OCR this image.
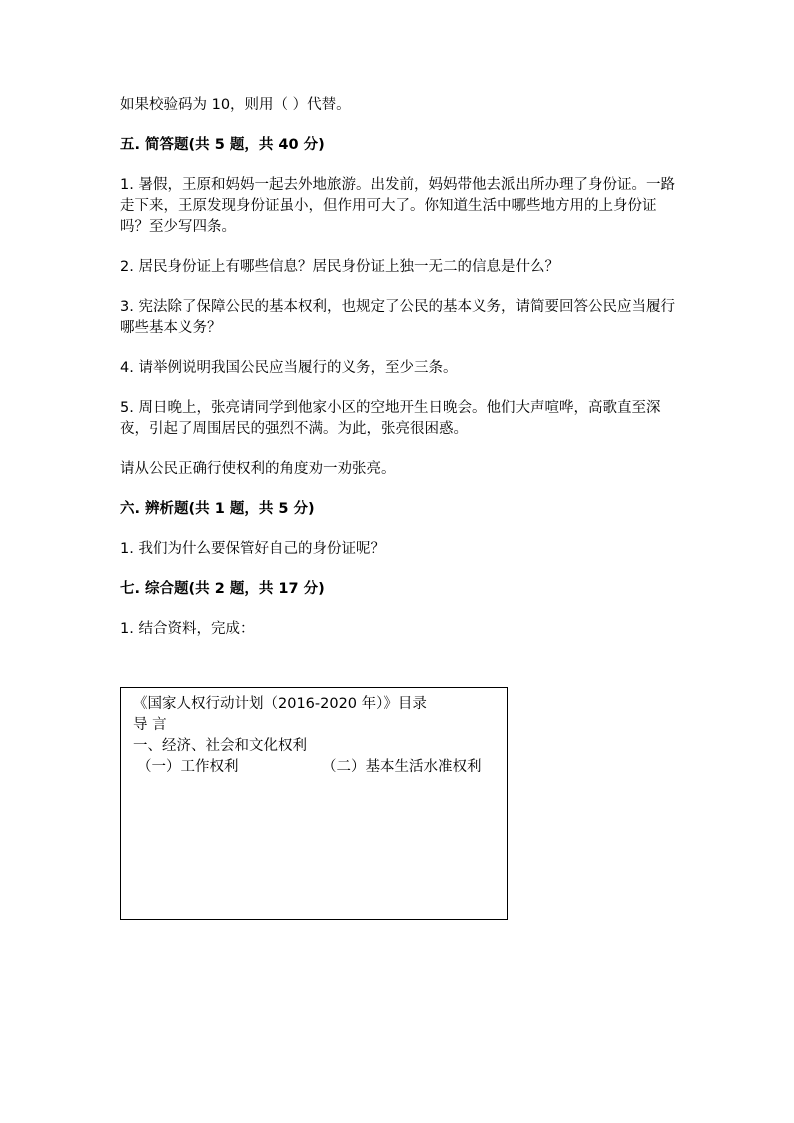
如果校验码为 10，则用（ ）代替。

五. 简答题(共 5 题，共 40 分)

1. 暑假，王原和妈妈一起去外地旅游。出发前，妈妈带他去派出所办理了身份证。一路走下来，王原发现身份证虽小，但作用可大了。你知道生活中哪些地方用的上身份证吗？至少写四条。

2. 居民身份证上有哪些信息？居民身份证上独一无二的信息是什么？

3. 宪法除了保障公民的基本权利，也规定了公民的基本义务，请简要回答公民应当履行哪些基本义务？

4. 请举例说明我国公民应当履行的义务，至少三条。

5. 周日晚上，张亮请同学到他家小区的空地开生日晚会。他们大声喧哗，高歌直至深夜，引起了周围居民的强烈不满。为此，张亮很困惑。

请从公民正确行使权利的角度劝一劝张亮。

六. 辨析题(共 1 题，共 5 分)

1. 我们为什么要保管好自己的身份证呢？

七. 综合题(共 2 题，共 17 分)

1. 结合资料，完成：

《国家人权行动计划（2016-2020 年）》目录
导 言
一、经济、社会和文化权利
（一）工作权利	（二）基本生活水准权利
